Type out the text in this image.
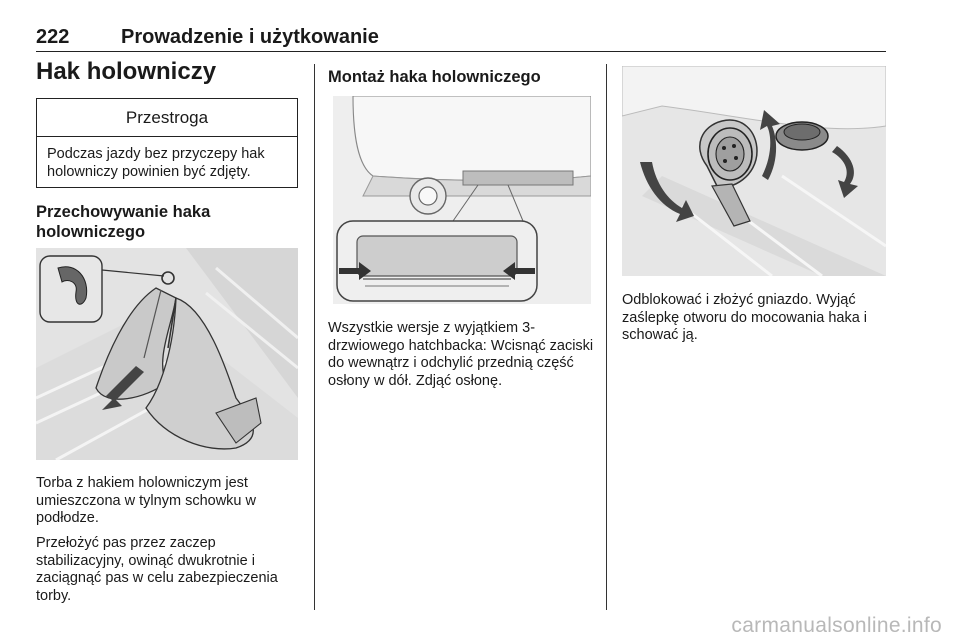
222	Prowadzenie i użytkowanie
Hak holowniczy
Przestroga
Podczas jazdy bez przyczepy hak holowniczy powinien być zdjęty.
Przechowywanie haka holowniczego
Torba z hakiem holowniczym jest umieszczona w tylnym schowku w podłodze.
Przełożyć pas przez zaczep stabilizacyjny, owinąć dwukrotnie i zaciągnąć pas w celu zabezpieczenia torby.
Montaż haka holowniczego
Wszystkie wersje z wyjątkiem 3-drzwiowego hatchbacka: Wcisnąć zaciski do wewnątrz i odchylić przednią część osłony w dół. Zdjąć osłonę.
Odblokować i złożyć gniazdo. Wyjąć zaślepkę otworu do mocowania haka i schować ją.
carmanualsonline.info
